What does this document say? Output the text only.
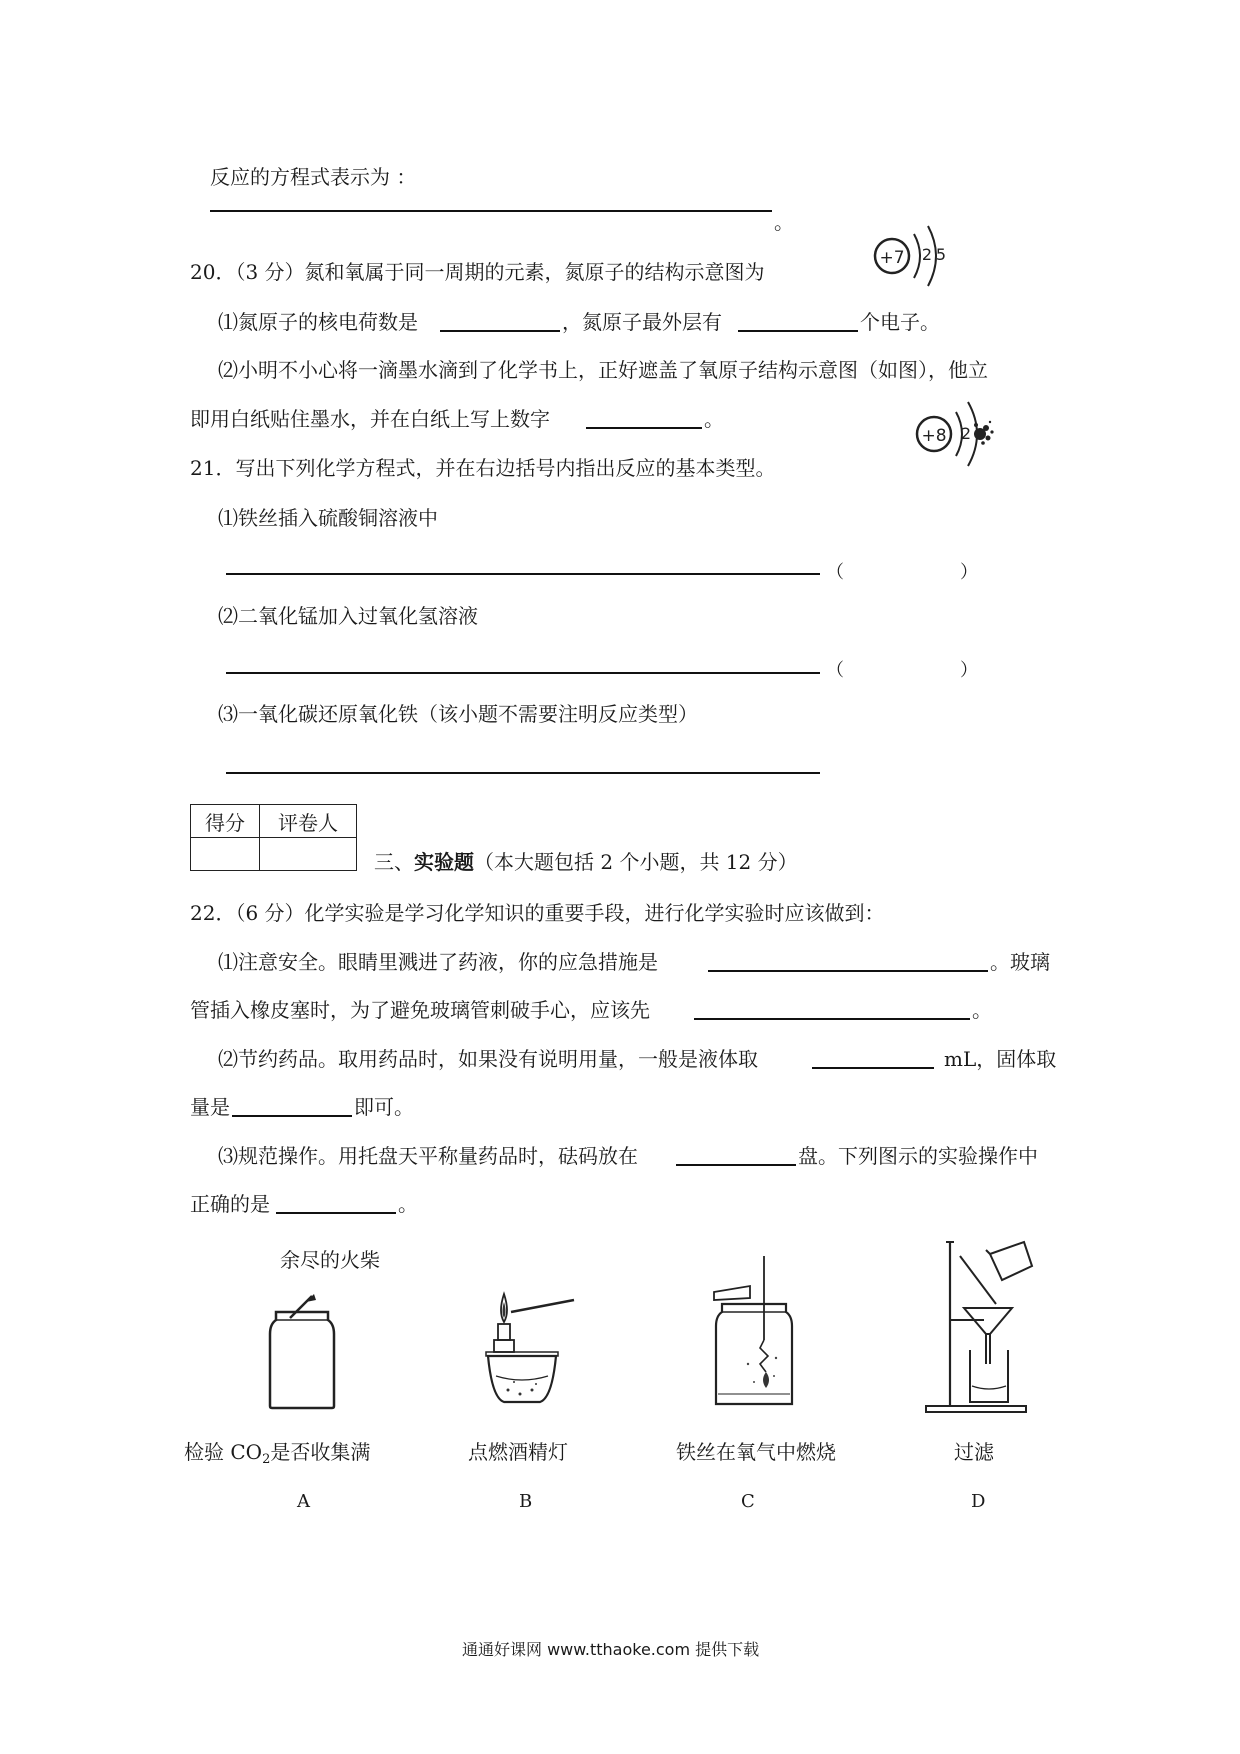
反应的方程式表示为 ：
。
20．（3 分）氮和氧属于同一周期的元素，氮原子的结构示意图为
+7 2 5
⑴氮原子的核电荷数是	，氮原子最外层有	个电子。
⑵小明不小心将一滴墨水滴到了化学书上，正好遮盖了氧原子结构示意图（如图），他立
即用白纸贴住墨水，并在白纸上写上数字	。
+8 2
21．写出下列化学方程式，并在右边括号内指出反应的基本类型。
⑴铁丝插入硫酸铜溶液中
（	）
⑵二氧化锰加入过氧化氢溶液
（	）
⑶一氧化碳还原氧化铁（该小题不需要注明反应类型）
得分	评卷人

三、实验题（本大题包括 2 个小题，共 12 分）
22．（6 分）化学实验是学习化学知识的重要手段，进行化学实验时应该做到：
⑴注意安全。眼睛里溅进了药液，你的应急措施是	。玻璃
管插入橡皮塞时，为了避免玻璃管刺破手心，应该先	。
⑵节约药品。取用药品时，如果没有说明用量，一般是液体取	mL，固体取
量是	即可。
⑶规范操作。用托盘天平称量药品时，砝码放在	盘。下列图示的实验操作中
正确的是	。
余尽的火柴
检验 $CO_2$是否收集满	点燃酒精灯	铁丝在氧气中燃烧	过滤
A	B	C	D
通通好课网 www.tthaoke.com 提供下载
